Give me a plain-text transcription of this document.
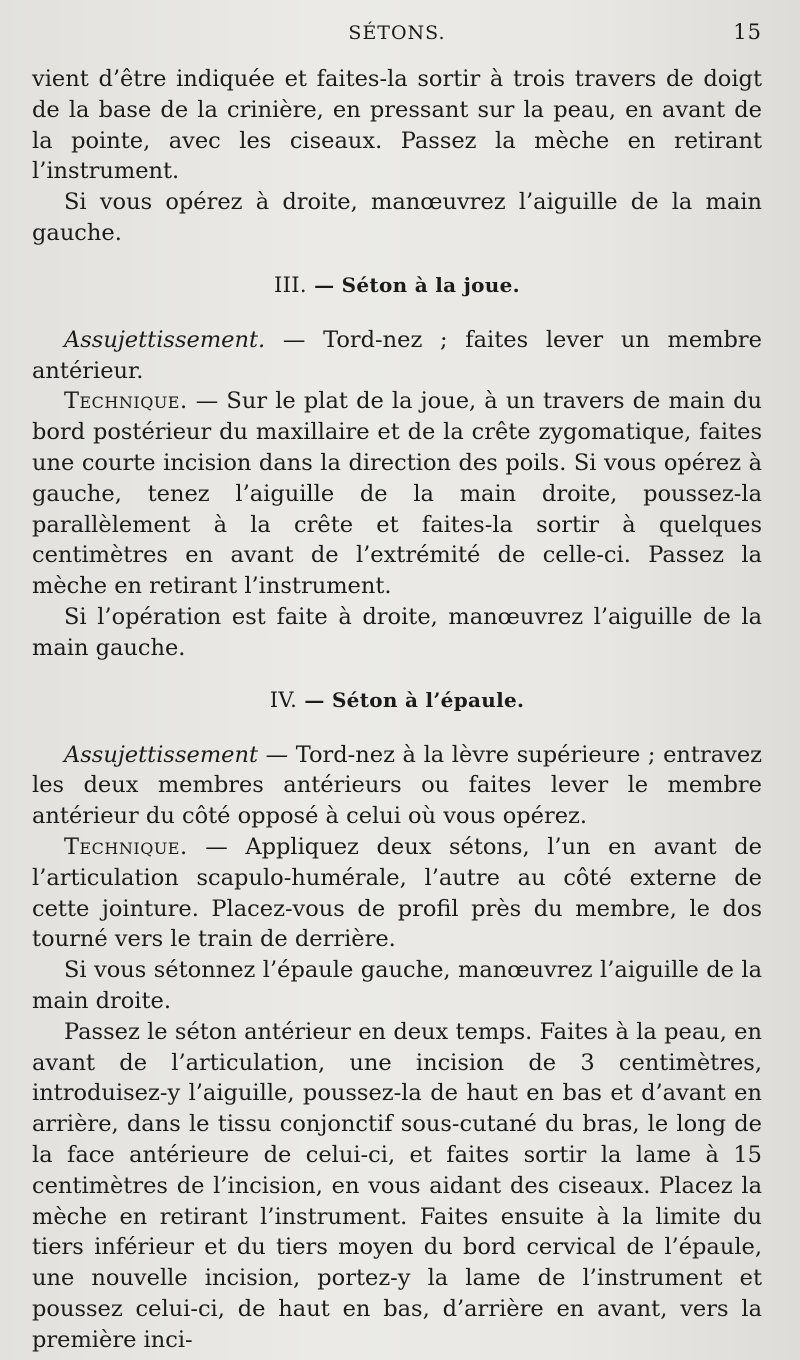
SÉTONS.	15

vient d’être indiquée et faites-la sortir à trois travers de doigt de la base de la crinière, en pressant sur la peau, en avant de la pointe, avec les ciseaux. Passez la mèche en retirant l’instrument.

Si vous opérez à droite, manœuvrez l’aiguille de la main gauche.

III. — Séton à la joue.

Assujettissement. — Tord-nez ; faites lever un membre antérieur.

Technique. — Sur le plat de la joue, à un travers de main du bord postérieur du maxillaire et de la crête zygomatique, faites une courte incision dans la direction des poils. Si vous opérez à gauche, tenez l’aiguille de la main droite, poussez-la parallèlement à la crête et faites-la sortir à quelques centimètres en avant de l’extrémité de celle-ci. Passez la mèche en retirant l’instrument.

Si l’opération est faite à droite, manœuvrez l’aiguille de la main gauche.

IV. — Séton à l’épaule.

Assujettissement — Tord-nez à la lèvre supérieure ; entravez les deux membres antérieurs ou faites lever le membre antérieur du côté opposé à celui où vous opérez.

Technique. — Appliquez deux sétons, l’un en avant de l’articulation scapulo-humérale, l’autre au côté externe de cette jointure. Placez-vous de profil près du membre, le dos tourné vers le train de derrière.

Si vous sétonnez l’épaule gauche, manœuvrez l’aiguille de la main droite.

Passez le séton antérieur en deux temps. Faites à la peau, en avant de l’articulation, une incision de 3 centimètres, introduisez-y l’aiguille, poussez-la de haut en bas et d’avant en arrière, dans le tissu conjonctif sous-cutané du bras, le long de la face antérieure de celui-ci, et faites sortir la lame à 15 centimètres de l’incision, en vous aidant des ciseaux. Placez la mèche en retirant l’instrument. Faites ensuite à la limite du tiers inférieur et du tiers moyen du bord cervical de l’épaule, une nouvelle incision, portez-y la lame de l’instrument et poussez celui-ci, de haut en bas, d’arrière en avant, vers la première inci-
